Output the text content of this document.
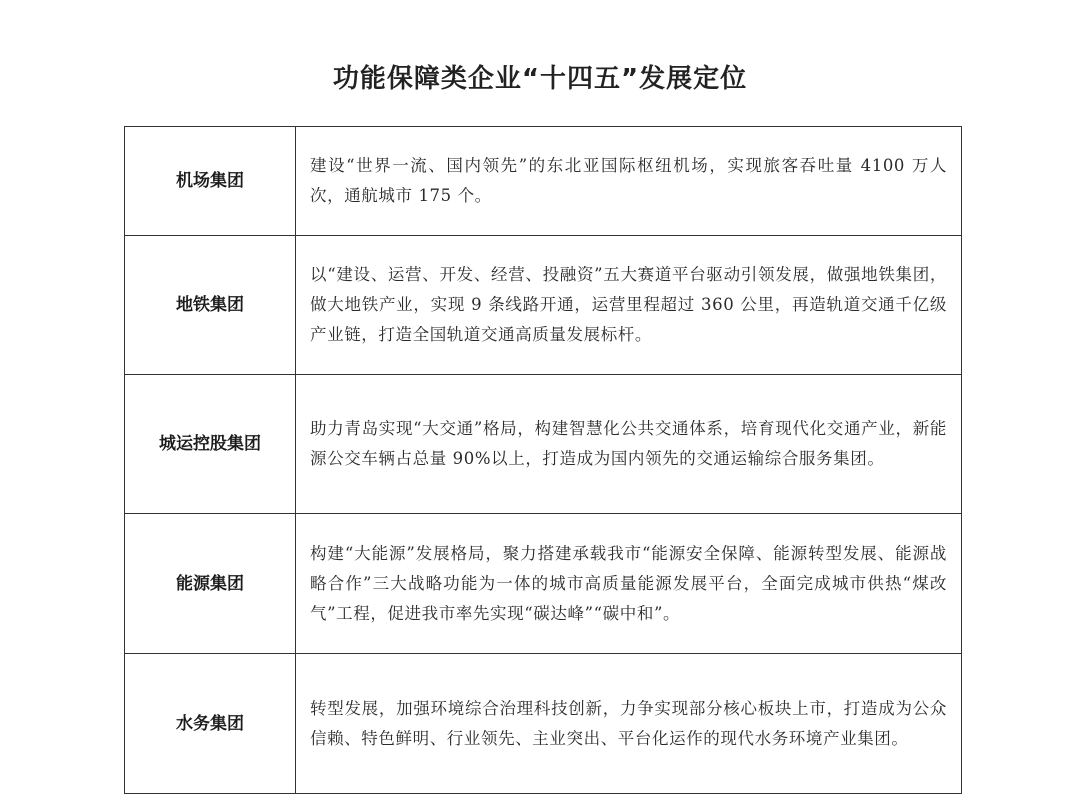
功能保障类企业“十四五”发展定位
机场集团	建设“世界一流、国内领先”的东北亚国际枢纽机场，实现旅客吞吐量 4100 万人次，通航城市 175 个。
地铁集团	以“建设、运营、开发、经营、投融资”五大赛道平台驱动引领发展，做强地铁集团，做大地铁产业，实现 9 条线路开通，运营里程超过 360 公里，再造轨道交通千亿级产业链，打造全国轨道交通高质量发展标杆。
城运控股集团	助力青岛实现“大交通”格局，构建智慧化公共交通体系，培育现代化交通产业，新能源公交车辆占总量 90%以上，打造成为国内领先的交通运输综合服务集团。
能源集团	构建“大能源”发展格局，聚力搭建承载我市“能源安全保障、能源转型发展、能源战略合作”三大战略功能为一体的城市高质量能源发展平台，全面完成城市供热“煤改气”工程，促进我市率先实现“碳达峰”“碳中和”。
水务集团	转型发展，加强环境综合治理科技创新，力争实现部分核心板块上市，打造成为公众信赖、特色鲜明、行业领先、主业突出、平台化运作的现代水务环境产业集团。
